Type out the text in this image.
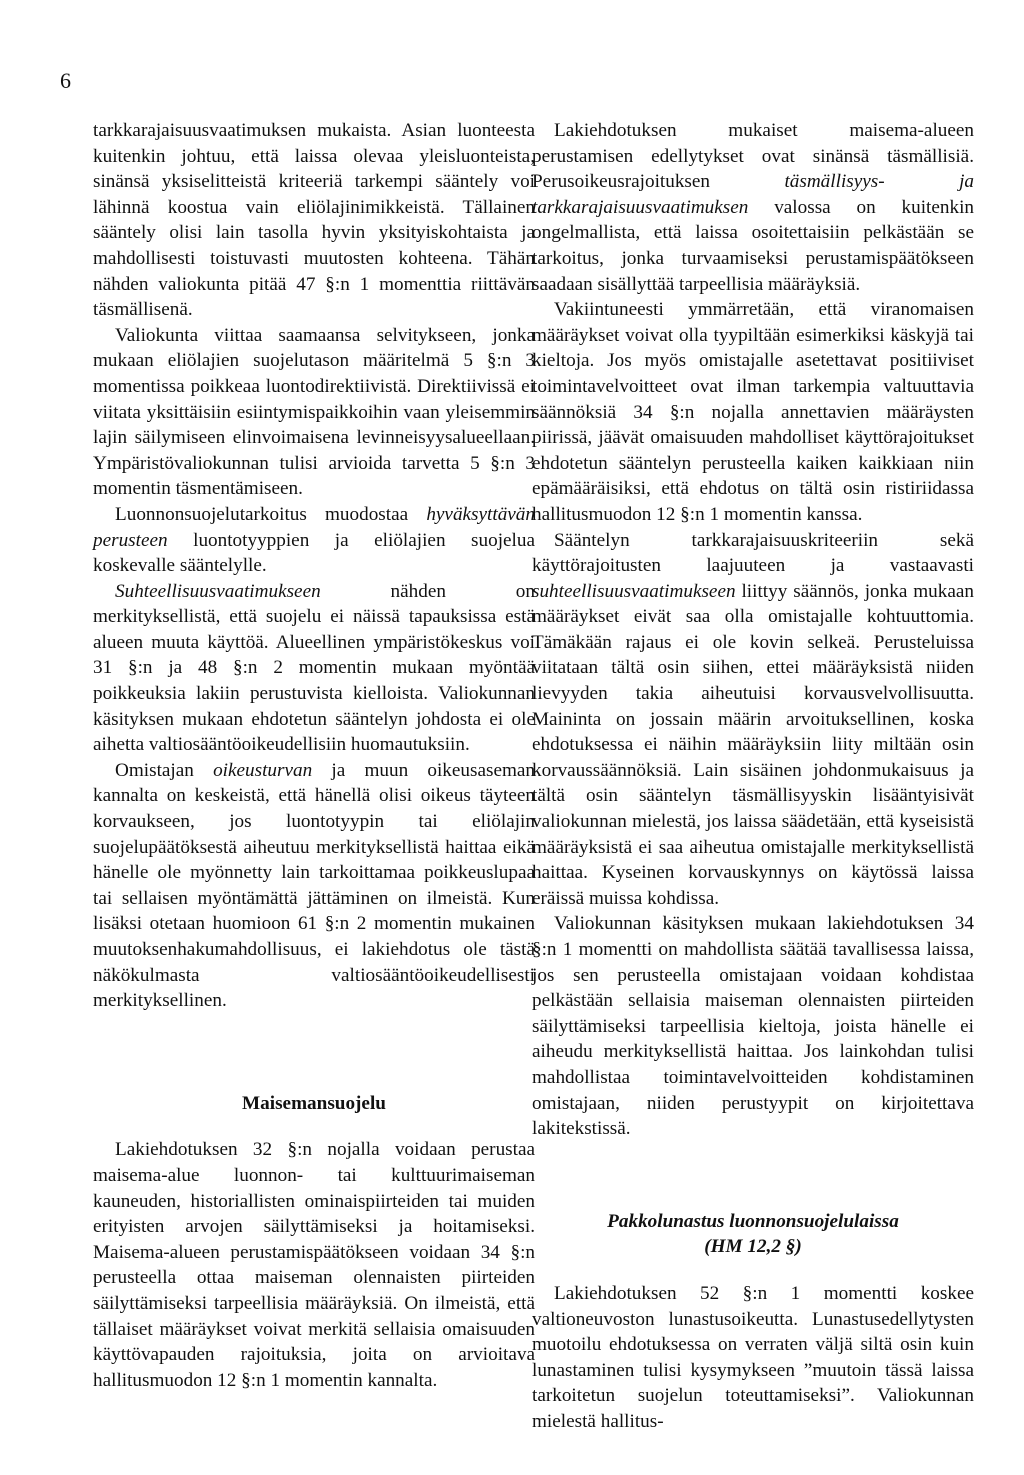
6

tarkkarajaisuusvaatimuksen mukaista. Asian luonteesta kuitenkin johtuu, että laissa olevaa yleisluonteista, sinänsä yksiselitteistä kriteeriä tarkempi sääntely voi lähinnä koostua vain eliölajinimikkeistä. Tällainen sääntely olisi lain tasolla hyvin yksityiskohtaista ja mahdollisesti toistuvasti muutosten kohteena. Tähän nähden valiokunta pitää 47 §:n 1 momenttia riittävän täsmällisenä.

Valiokunta viittaa saamaansa selvitykseen, jonka mukaan eliölajien suojelutason määritelmä 5 §:n 3 momentissa poikkeaa luontodirektiivistä. Direktiivissä ei viitata yksittäisiin esiintymispaikkoihin vaan yleisemmin lajin säilymiseen elinvoimaisena levinneisyysalueellaan. Ympäristövaliokunnan tulisi arvioida tarvetta 5 §:n 3 momentin täsmentämiseen.

Luonnonsuojelutarkoitus muodostaa hyväksyttävän perusteen luontotyyppien ja eliölajien suojelua koskevalle sääntelylle.

Suhteellisuusvaatimukseen nähden on merkityksellistä, että suojelu ei näissä tapauksissa estä alueen muuta käyttöä. Alueellinen ympäristökeskus voi 31 §:n ja 48 §:n 2 momentin mukaan myöntää poikkeuksia lakiin perustuvista kielloista. Valiokunnan käsityksen mukaan ehdotetun sääntelyn johdosta ei ole aihetta valtiosääntöoikeudellisiin huomautuksiin.

Omistajan oikeusturvan ja muun oikeusaseman kannalta on keskeistä, että hänellä olisi oikeus täyteen korvaukseen, jos luontotyypin tai eliölajin suojelupäätöksestä aiheutuu merkityksellistä haittaa eikä hänelle ole myönnetty lain tarkoittamaa poikkeuslupaa tai sellaisen myöntämättä jättäminen on ilmeistä. Kun lisäksi otetaan huomioon 61 §:n 2 momentin mukainen muutoksenhakumahdollisuus, ei lakiehdotus ole tästä näkökulmasta valtiosääntöoikeudellisesti merkityksellinen.

Maisemansuojelu

Lakiehdotuksen 32 §:n nojalla voidaan perustaa maisema-alue luonnon- tai kulttuurimaiseman kauneuden, historiallisten ominaispiirteiden tai muiden erityisten arvojen säilyttämiseksi ja hoitamiseksi. Maisema-alueen perustamispäätökseen voidaan 34 §:n perusteella ottaa maiseman olennaisten piirteiden säilyttämiseksi tarpeellisia määräyksiä. On ilmeistä, että tällaiset määräykset voivat merkitä sellaisia omaisuuden käyttövapauden rajoituksia, joita on arvioitava hallitusmuodon 12 §:n 1 momentin kannalta.

Lakiehdotuksen mukaiset maisema-alueen perustamisen edellytykset ovat sinänsä täsmällisiä. Perusoikeusrajoituksen täsmällisyys- ja tarkkarajaisuusvaatimuksen valossa on kuitenkin ongelmallista, että laissa osoitettaisiin pelkästään se tarkoitus, jonka turvaamiseksi perustamispäätökseen saadaan sisällyttää tarpeellisia määräyksiä.

Vakiintuneesti ymmärretään, että viranomaisen määräykset voivat olla tyypiltään esimerkiksi käskyjä tai kieltoja. Jos myös omistajalle asetettavat positiiviset toimintavelvoitteet ovat ilman tarkempia valtuuttavia säännöksiä 34 §:n nojalla annettavien määräysten piirissä, jäävät omaisuuden mahdolliset käyttörajoitukset ehdotetun sääntelyn perusteella kaiken kaikkiaan niin epämääräisiksi, että ehdotus on tältä osin ristiriidassa hallitusmuodon 12 §:n 1 momentin kanssa.

Sääntelyn tarkkarajaisuuskriteeriin sekä käyttörajoitusten laajuuteen ja vastaavasti suhteellisuusvaatimukseen liittyy säännös, jonka mukaan määräykset eivät saa olla omistajalle kohtuuttomia. Tämäkään rajaus ei ole kovin selkeä. Perusteluissa viitataan tältä osin siihen, ettei määräyksistä niiden lievyyden takia aiheutuisi korvausvelvollisuutta. Maininta on jossain määrin arvoituksellinen, koska ehdotuksessa ei näihin määräyksiin liity miltään osin korvaussäännöksiä. Lain sisäinen johdonmukaisuus ja tältä osin sääntelyn täsmällisyyskin lisääntyisivät valiokunnan mielestä, jos laissa säädetään, että kyseisistä määräyksistä ei saa aiheutua omistajalle merkityksellistä haittaa. Kyseinen korvauskynnys on käytössä laissa eräissä muissa kohdissa.

Valiokunnan käsityksen mukaan lakiehdotuksen 34 §:n 1 momentti on mahdollista säätää tavallisessa laissa, jos sen perusteella omistajaan voidaan kohdistaa pelkästään sellaisia maiseman olennaisten piirteiden säilyttämiseksi tarpeellisia kieltoja, joista hänelle ei aiheudu merkityksellistä haittaa. Jos lainkohdan tulisi mahdollistaa toimintavelvoitteiden kohdistaminen omistajaan, niiden perustyypit on kirjoitettava lakitekstissä.

Pakkolunastus luonnonsuojelulaissa
(HM 12,2 §)

Lakiehdotuksen 52 §:n 1 momentti koskee valtioneuvoston lunastusoikeutta. Lunastusedellytysten muotoilu ehdotuksessa on verraten väljä siltä osin kuin lunastaminen tulisi kysymykseen ”muutoin tässä laissa tarkoitetun suojelun toteuttamiseksi”. Valiokunnan mielestä hallitus-
